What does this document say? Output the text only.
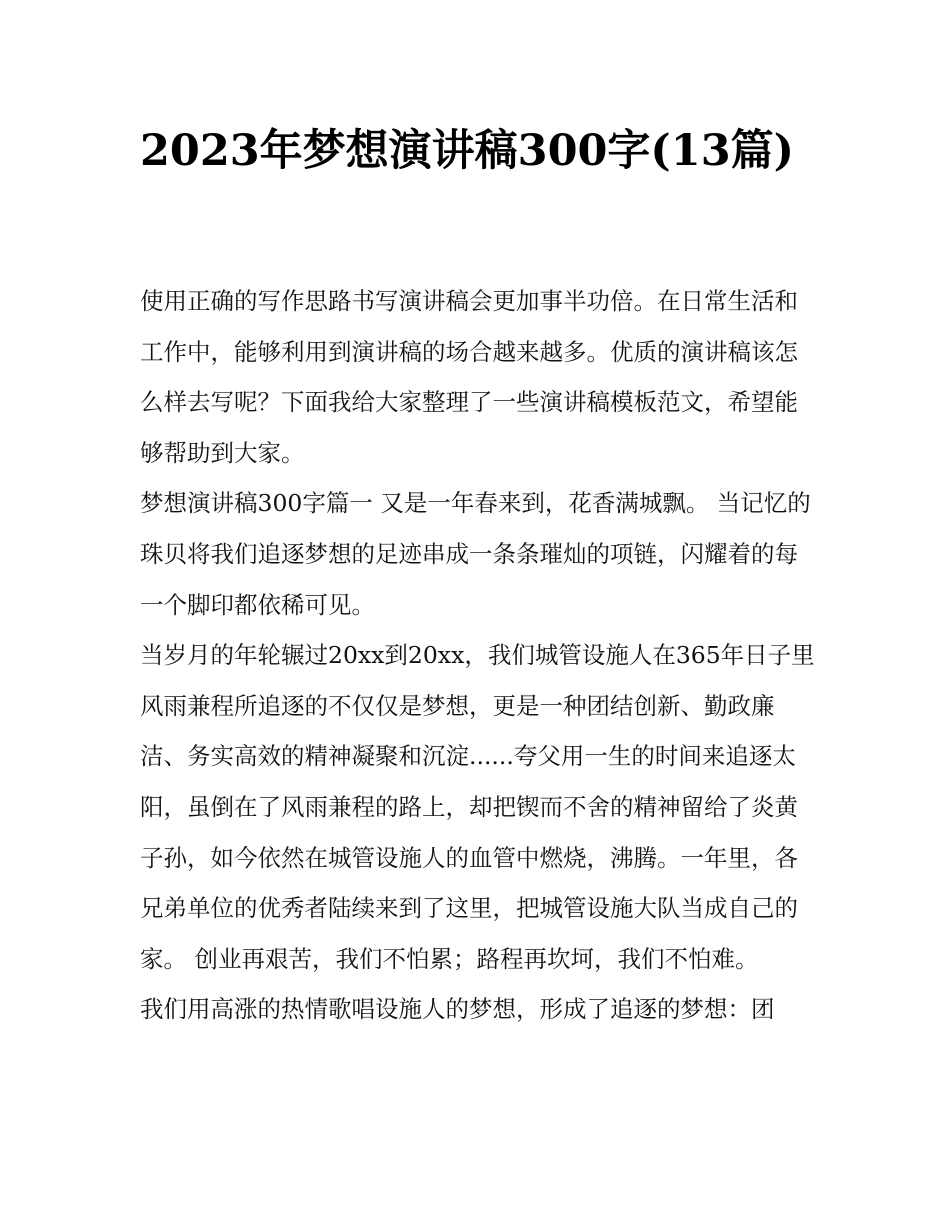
2023年梦想演讲稿300字(13篇)

使用正确的写作思路书写演讲稿会更加事半功倍。在日常生活和工作中，能够利用到演讲稿的场合越来越多。优质的演讲稿该怎么样去写呢？下面我给大家整理了一些演讲稿模板范文，希望能够帮助到大家。

梦想演讲稿300字篇一 又是一年春来到，花香满城飘。 当记忆的珠贝将我们追逐梦想的足迹串成一条条璀灿的项链，闪耀着的每一个脚印都依稀可见。

当岁月的年轮辗过20xx到20xx，我们城管设施人在365年日子里风雨兼程所追逐的不仅仅是梦想，更是一种团结创新、勤政廉洁、务实高效的精神凝聚和沉淀......夸父用一生的时间来追逐太阳，虽倒在了风雨兼程的路上，却把锲而不舍的精神留给了炎黄子孙，如今依然在城管设施人的血管中燃烧，沸腾。一年里，各兄弟单位的优秀者陆续来到了这里，把城管设施大队当成自己的家。 创业再艰苦，我们不怕累；路程再坎坷，我们不怕难。

我们用高涨的热情歌唱设施人的梦想，形成了追逐的梦想：团
